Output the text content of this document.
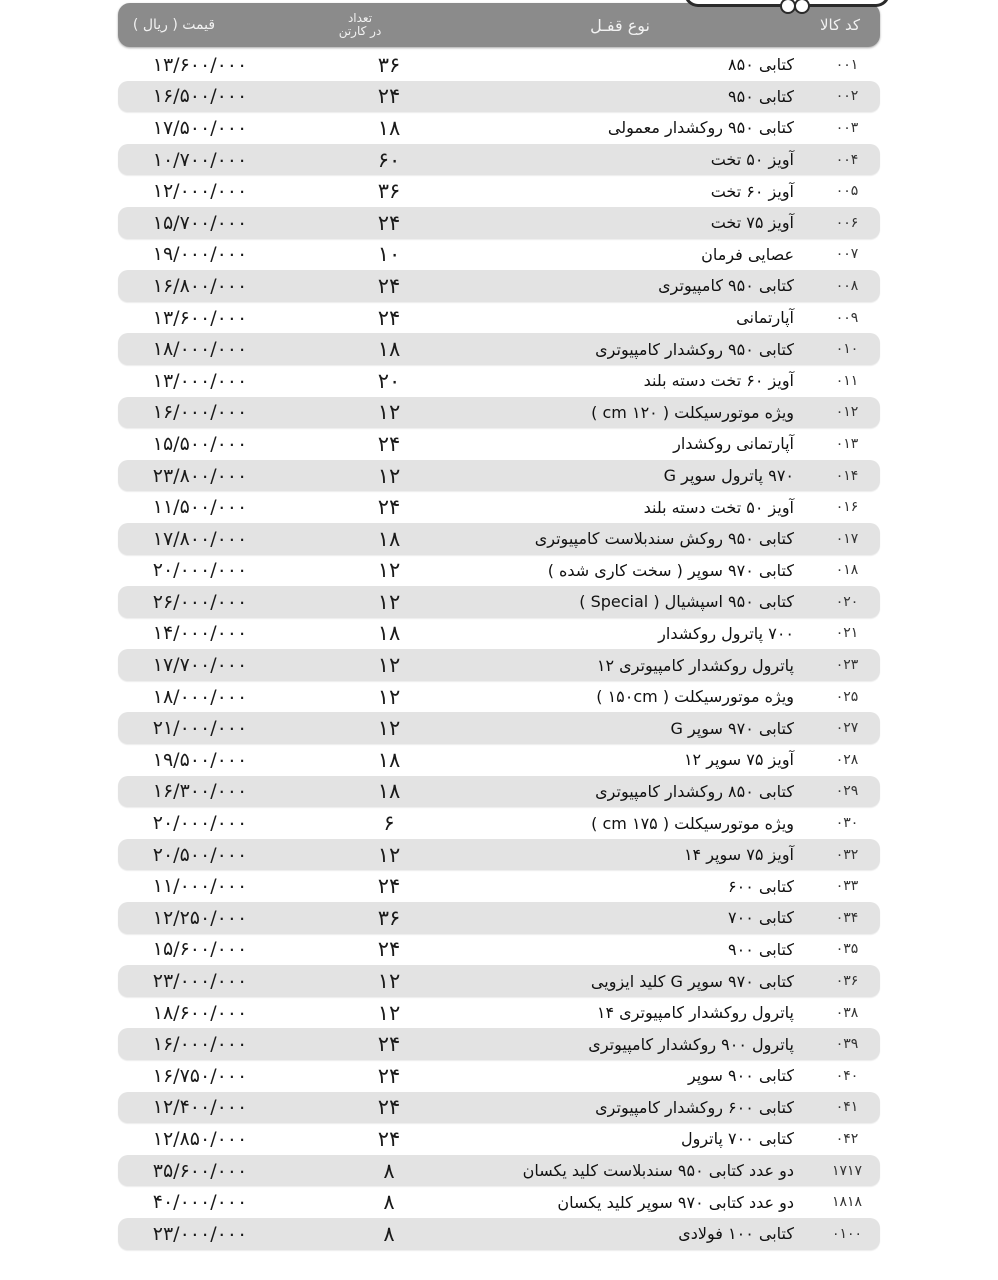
کد کالا
نوع قفـل
تعداد
در کارتن
قیمت ( ریال )
۰۰۱
کتابی ۸۵۰
۳۶
۱۳/۶۰۰/۰۰۰
۰۰۲
کتابی ۹۵۰
۲۴
۱۶/۵۰۰/۰۰۰
۰۰۳
کتابی ۹۵۰ روکشدار معمولی
۱۸
۱۷/۵۰۰/۰۰۰
۰۰۴
آویز ۵۰ تخت
۶۰
۱۰/۷۰۰/۰۰۰
۰۰۵
آویز ۶۰ تخت
۳۶
۱۲/۰۰۰/۰۰۰
۰۰۶
آویز ۷۵ تخت
۲۴
۱۵/۷۰۰/۰۰۰
۰۰۷
عصایی فرمان
۱۰
۱۹/۰۰۰/۰۰۰
۰۰۸
کتابی ۹۵۰ کامپیوتری
۲۴
۱۶/۸۰۰/۰۰۰
۰۰۹
آپارتمانی
۲۴
۱۳/۶۰۰/۰۰۰
۰۱۰
کتابی ۹۵۰ روکشدار کامپیوتری
۱۸
۱۸/۰۰۰/۰۰۰
۰۱۱
آویز ۶۰ تخت دسته بلند
۲۰
۱۳/۰۰۰/۰۰۰
۰۱۲
ویژه موتورسیکلت ( ۱۲۰ cm )
۱۲
۱۶/۰۰۰/۰۰۰
۰۱۳
آپارتمانی روکشدار
۲۴
۱۵/۵۰۰/۰۰۰
۰۱۴
۹۷۰ پاترول سوپر G
۱۲
۲۳/۸۰۰/۰۰۰
۰۱۶
آویز ۵۰ تخت دسته بلند
۲۴
۱۱/۵۰۰/۰۰۰
۰۱۷
کتابی ۹۵۰ روکش سندبلاست کامپیوتری
۱۸
۱۷/۸۰۰/۰۰۰
۰۱۸
کتابی ۹۷۰ سوپر ( سخت کاری شده )
۱۲
۲۰/۰۰۰/۰۰۰
۰۲۰
کتابی ۹۵۰ اسپشیال ( Special )
۱۲
۲۶/۰۰۰/۰۰۰
۰۲۱
۷۰۰ پاترول روکشدار
۱۸
۱۴/۰۰۰/۰۰۰
۰۲۳
پاترول روکشدار کامپیوتری ۱۲
۱۲
۱۷/۷۰۰/۰۰۰
۰۲۵
ویژه موتورسیکلت ( ۱۵۰cm )
۱۲
۱۸/۰۰۰/۰۰۰
۰۲۷
کتابی ۹۷۰ سوپر G
۱۲
۲۱/۰۰۰/۰۰۰
۰۲۸
آویز ۷۵ سوپر ۱۲
۱۸
۱۹/۵۰۰/۰۰۰
۰۲۹
کتابی ۸۵۰ روکشدار کامپیوتری
۱۸
۱۶/۳۰۰/۰۰۰
۰۳۰
ویژه موتورسیکلت ( ۱۷۵ cm )
۶
۲۰/۰۰۰/۰۰۰
۰۳۲
آویز ۷۵ سوپر ۱۴
۱۲
۲۰/۵۰۰/۰۰۰
۰۳۳
کتابی ۶۰۰
۲۴
۱۱/۰۰۰/۰۰۰
۰۳۴
کتابی ۷۰۰
۳۶
۱۲/۲۵۰/۰۰۰
۰۳۵
کتابی ۹۰۰
۲۴
۱۵/۶۰۰/۰۰۰
۰۳۶
کتابی ۹۷۰ سوپر G کلید ایزویی
۱۲
۲۳/۰۰۰/۰۰۰
۰۳۸
پاترول روکشدار کامپیوتری ۱۴
۱۲
۱۸/۶۰۰/۰۰۰
۰۳۹
پاترول ۹۰۰ روکشدار کامپیوتری
۲۴
۱۶/۰۰۰/۰۰۰
۰۴۰
کتابی ۹۰۰ سوپر
۲۴
۱۶/۷۵۰/۰۰۰
۰۴۱
کتابی ۶۰۰ روکشدار کامپیوتری
۲۴
۱۲/۴۰۰/۰۰۰
۰۴۲
کتابی ۷۰۰ پاترول
۲۴
۱۲/۸۵۰/۰۰۰
۱۷۱۷
دو عدد کتابی ۹۵۰ سندبلاست کلید یکسان
۸
۳۵/۶۰۰/۰۰۰
۱۸۱۸
دو عدد کتابی ۹۷۰ سوپر کلید یکسان
۸
۴۰/۰۰۰/۰۰۰
۰۱۰۰
کتابی ۱۰۰ فولادی
۸
۲۳/۰۰۰/۰۰۰
